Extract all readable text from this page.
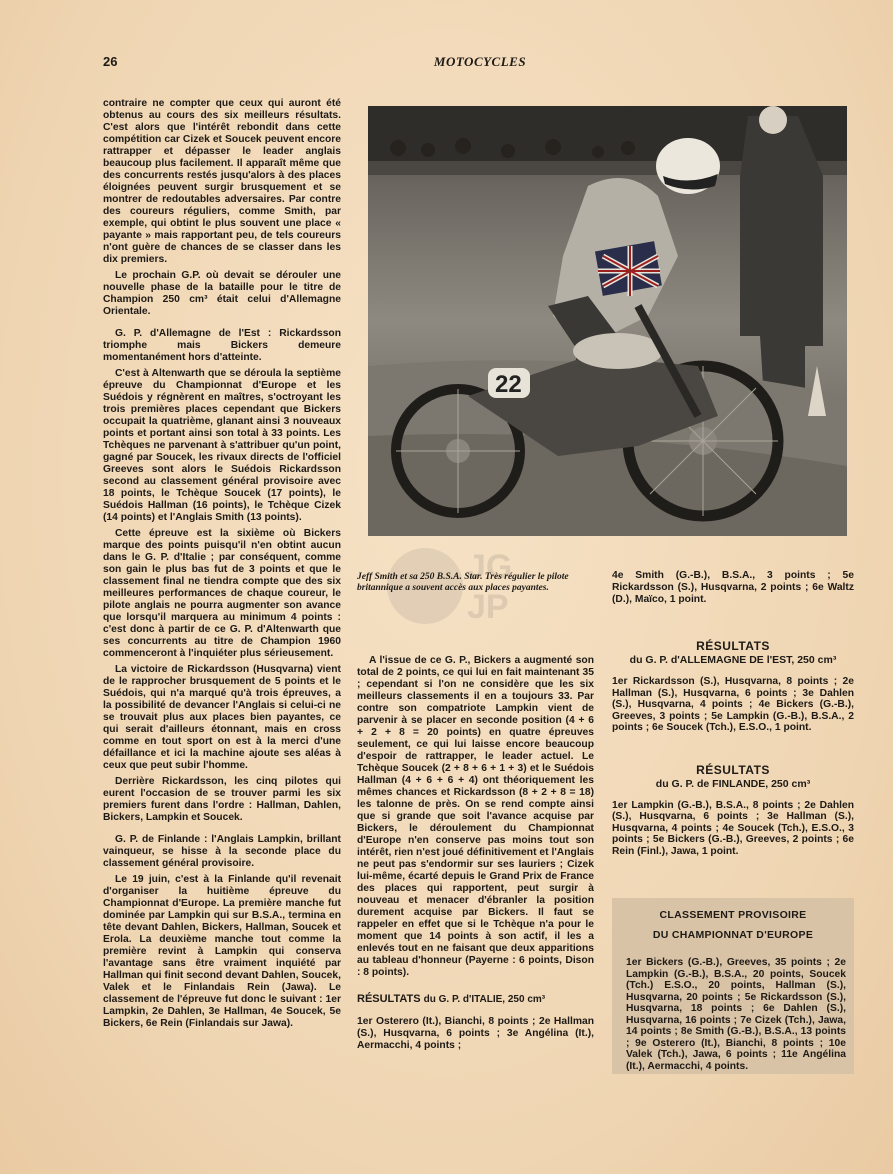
26	MOTOCYCLES

contraire ne compter que ceux qui auront été obtenus au cours des six meilleurs résultats. C'est alors que l'intérêt rebondit dans cette compétition car Cizek et Soucek peuvent encore rattrapper et dépasser le leader anglais beaucoup plus facilement. Il apparaît même que des concurrents restés jusqu'alors à des places éloignées peuvent surgir brusquement et se montrer de redoutables adversaires. Par contre des coureurs réguliers, comme Smith, par exemple, qui obtint le plus souvent une place « payante » mais rapportant peu, de tels coureurs n'ont guère de chances de se classer dans les dix premiers.

Le prochain G.P. où devait se dérouler une nouvelle phase de la bataille pour le titre de Champion 250 cm³ était celui d'Allemagne Orientale.

G. P. d'Allemagne de l'Est : Rickardsson triomphe mais Bickers demeure momentanément hors d'atteinte.

C'est à Altenwarth que se déroula la septième épreuve du Championnat d'Europe et les Suédois y régnèrent en maîtres, s'octroyant les trois premières places cependant que Bickers occupait la quatrième, glanant ainsi 3 nouveaux points et portant ainsi son total à 33 points. Les Tchèques ne parvenant à s'attribuer qu'un point, gagné par Soucek, les rivaux directs de l'officiel Greeves sont alors le Suédois Rickardsson second au classement général provisoire avec 18 points, le Tchèque Soucek (17 points), le Suédois Hallman (16 points), le Tchèque Cizek (14 points) et l'Anglais Smith (13 points).

Cette épreuve est la sixième où Bickers marque des points puisqu'il n'en obtint aucun dans le G. P. d'Italie ; par conséquent, comme son gain le plus bas fut de 3 points et que le classement final ne tiendra compte que des six meilleures performances de chaque coureur, le pilote anglais ne pourra augmenter son avance que lorsqu'il marquera au minimum 4 points : c'est donc à partir de ce G. P. d'Altenwarth que ses concurrents au titre de Champion 1960 commenceront à l'inquiéter plus sérieusement.

La victoire de Rickardsson (Husqvarna) vient de le rapprocher brusquement de 5 points et le Suédois, qui n'a marqué qu'à trois épreuves, a la possibilité de devancer l'Anglais si celui-ci ne se trouvait plus aux places bien payantes, ce qui serait d'ailleurs étonnant, mais en cross comme en tout sport on est à la merci d'une défaillance et ici la machine ajoute ses aléas à ceux que peut subir l'homme.

Derrière Rickardsson, les cinq pilotes qui eurent l'occasion de se trouver parmi les six premiers furent dans l'ordre : Hallman, Dahlen, Bickers, Lampkin et Soucek.

G. P. de Finlande : l'Anglais Lampkin, brillant vainqueur, se hisse à la seconde place du classement général provisoire.

Le 19 juin, c'est à la Finlande qu'il revenait d'organiser la huitième épreuve du Championnat d'Europe. La première manche fut dominée par Lampkin qui sur B.S.A., termina en tête devant Dahlen, Bickers, Hallman, Soucek et Erola. La deuxième manche tout comme la première revint à Lampkin qui conserva l'avantage sans être vraiment inquiété par Hallman qui finit second devant Dahlen, Soucek, Valek et le Finlandais Rein (Jawa). Le classement de l'épreuve fut donc le suivant : 1er Lampkin, 2e Dahlen, 3e Hallman, 4e Soucek, 5e Bickers, 6e Rein (Finlandais sur Jawa).

22
JG
JP
Jeff Smith et sa 250 B.S.A. Star. Très régulier le pilote britannique a souvent accès aux places payantes.

A l'issue de ce G. P., Bickers a augmenté son total de 2 points, ce qui lui en fait maintenant 35 ; cependant si l'on ne considère que les six meilleurs classements il en a toujours 33. Par contre son compatriote Lampkin vient de parvenir à se placer en seconde position (4 + 6 + 2 + 8 = 20 points) en quatre épreuves seulement, ce qui lui laisse encore beaucoup d'espoir de rattrapper, le leader actuel. Le Tchèque Soucek (2 + 8 + 6 + 1 + 3) et le Suédois Hallman (4 + 6 + 6 + 4) ont théoriquement les mêmes chances et Rickardsson (8 + 2 + 8 = 18) les talonne de près. On se rend compte ainsi que si grande que soit l'avance acquise par Bickers, le déroulement du Championnat d'Europe n'en conserve pas moins tout son intérêt, rien n'est joué définitivement et l'Anglais ne peut pas s'endormir sur ses lauriers ; Cizek lui-même, écarté depuis le Grand Prix de France des places qui rapportent, peut surgir à nouveau et menacer d'ébranler la position durement acquise par Bickers. Il faut se rappeler en effet que si le Tchèque n'a pour le moment que 14 points à son actif, il les a enlevés tout en ne faisant que deux apparitions au tableau d'honneur (Payerne : 6 points, Dison : 8 points).

RÉSULTATS du G. P. d'ITALIE, 250 cm³

1er Osterero (It.), Bianchi, 8 points ; 2e Hallman (S.), Husqvarna, 6 points ; 3e Angélina (It.), Aermacchi, 4 points ;

4e Smith (G.-B.), B.S.A., 3 points ; 5e Rickardsson (S.), Husqvarna, 2 points ; 6e Waltz (D.), Maïco, 1 point.

RÉSULTATS
du G. P. d'ALLEMAGNE DE l'EST, 250 cm³

1er Rickardsson (S.), Husqvarna, 8 points ; 2e Hallman (S.), Husqvarna, 6 points ; 3e Dahlen (S.), Husqvarna, 4 points ; 4e Bickers (G.-B.), Greeves, 3 points ; 5e Lampkin (G.-B.), B.S.A., 2 points ; 6e Soucek (Tch.), E.S.O., 1 point.

RÉSULTATS
du G. P. de FINLANDE, 250 cm³

1er Lampkin (G.-B.), B.S.A., 8 points ; 2e Dahlen (S.), Husqvarna, 6 points ; 3e Hallman (S.), Husqvarna, 4 points ; 4e Soucek (Tch.), E.S.O., 3 points ; 5e Bickers (G.-B.), Greeves, 2 points ; 6e Rein (Finl.), Jawa, 1 point.

CLASSEMENT PROVISOIRE
DU CHAMPIONNAT D'EUROPE
1er Bickers (G.-B.), Greeves, 35 points ; 2e Lampkin (G.-B.), B.S.A., 20 points, Soucek (Tch.) E.S.O., 20 points, Hallman (S.), Husqvarna, 20 points ; 5e Rickardsson (S.), Husqvarna, 18 points ; 6e Dahlen (S.), Husqvarna, 16 points ; 7e Cizek (Tch.), Jawa, 14 points ; 8e Smith (G.-B.), B.S.A., 13 points ; 9e Osterero (It.), Bianchi, 8 points ; 10e Valek (Tch.), Jawa, 6 points ; 11e Angélina (It.), Aermacchi, 4 points.
